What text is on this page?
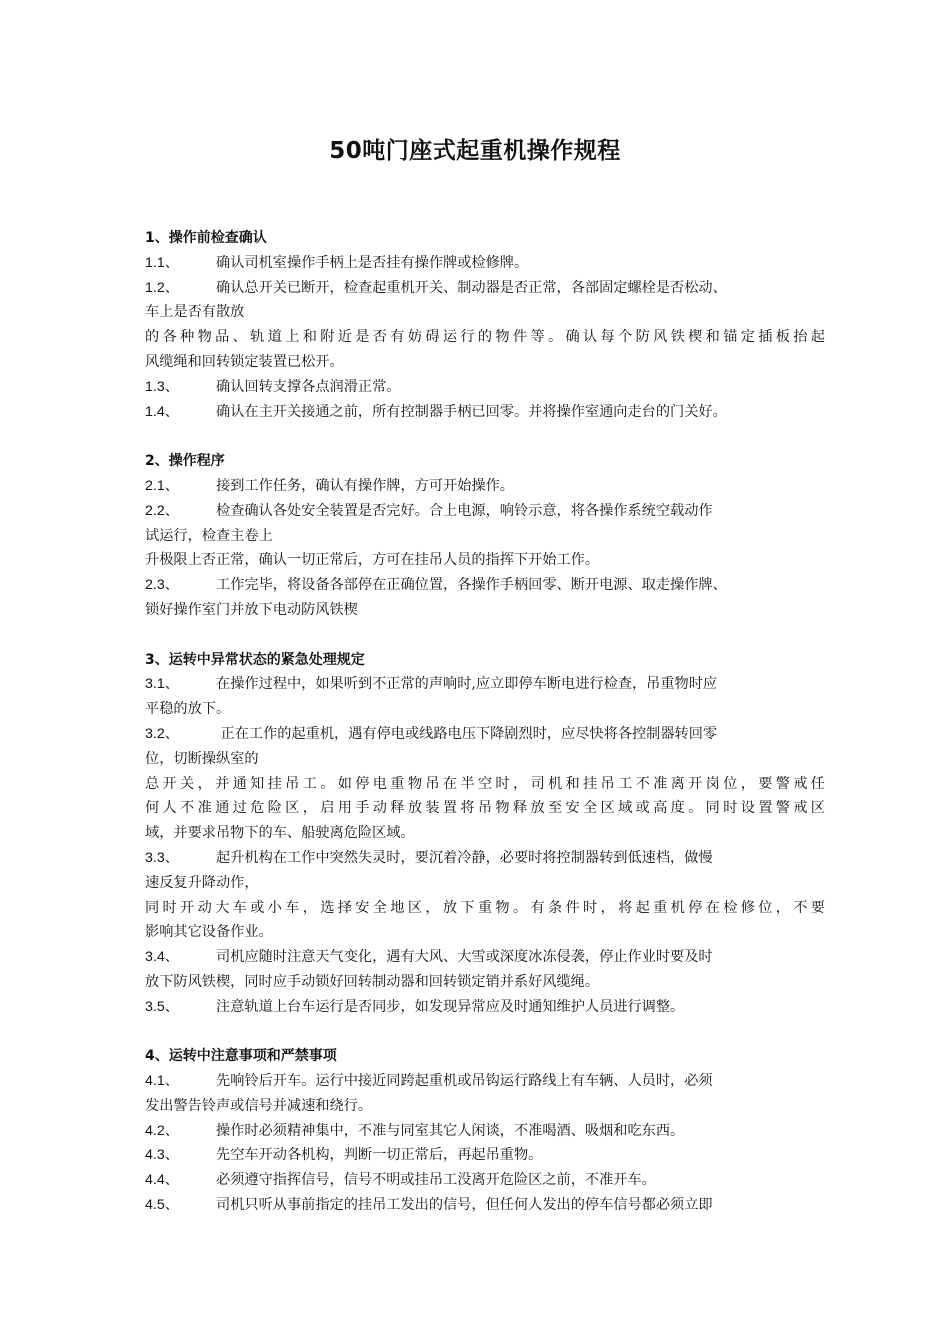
50吨门座式起重机操作规程
1、操作前检查确认
1.1、	确认司机室操作手柄上是否挂有操作牌或检修牌。
1.2、	确认总开关已断开，检查起重机开关、制动器是否正常，各部固定螺栓是否松动、
车上是否有散放
的各种物品、轨道上和附近是否有妨碍运行的物件等。确认每个防风铁楔和锚定插板抬起
风缆绳和回转锁定装置已松开。
1.3、	确认回转支撑各点润滑正常。
1.4、	确认在主开关接通之前，所有控制器手柄已回零。并将操作室通向走台的门关好。
2、操作程序
2.1、	接到工作任务，确认有操作牌，方可开始操作。
2.2、	检查确认各处安全装置是否完好。合上电源，响铃示意，将各操作系统空载动作
试运行，检查主卷上
升极限上否正常，确认一切正常后，方可在挂吊人员的指挥下开始工作。
2.3、	工作完毕，将设备各部停在正确位置，各操作手柄回零、断开电源、取走操作牌、
锁好操作室门并放下电动防风铁楔
3、运转中异常状态的紧急处理规定
3.1、	在操作过程中，如果听到不正常的声响时,应立即停车断电进行检查，吊重物时应
平稳的放下。
3.2、	正在工作的起重机，遇有停电或线路电压下降剧烈时，应尽快将各控制器转回零
位，切断操纵室的
总开关，并通知挂吊工。如停电重物吊在半空时，司机和挂吊工不准离开岗位，要警戒任
何人不准通过危险区，启用手动释放装置将吊物释放至安全区域或高度。同时设置警戒区
域，并要求吊物下的车、船驶离危险区域。
3.3、	起升机构在工作中突然失灵时，要沉着冷静，必要时将控制器转到低速档，做慢
速反复升降动作，
同时开动大车或小车，选择安全地区，放下重物。有条件时，将起重机停在检修位，不要
影响其它设备作业。
3.4、	司机应随时注意天气变化，遇有大风、大雪或深度冰冻侵袭，停止作业时要及时
放下防风铁楔，同时应手动锁好回转制动器和回转锁定销并系好风缆绳。
3.5、	注意轨道上台车运行是否同步，如发现异常应及时通知维护人员进行调整。
4、运转中注意事项和严禁事项
4.1、	先响铃后开车。运行中接近同跨起重机或吊钩运行路线上有车辆、人员时，必须
发出警告铃声或信号并减速和绕行。
4.2、	操作时必须精神集中，不准与同室其它人闲谈，不准喝酒、吸烟和吃东西。
4.3、	先空车开动各机构，判断一切正常后，再起吊重物。
4.4、	必须遵守指挥信号，信号不明或挂吊工没离开危险区之前，不准开车。
4.5、	司机只听从事前指定的挂吊工发出的信号，但任何人发出的停车信号都必须立即
